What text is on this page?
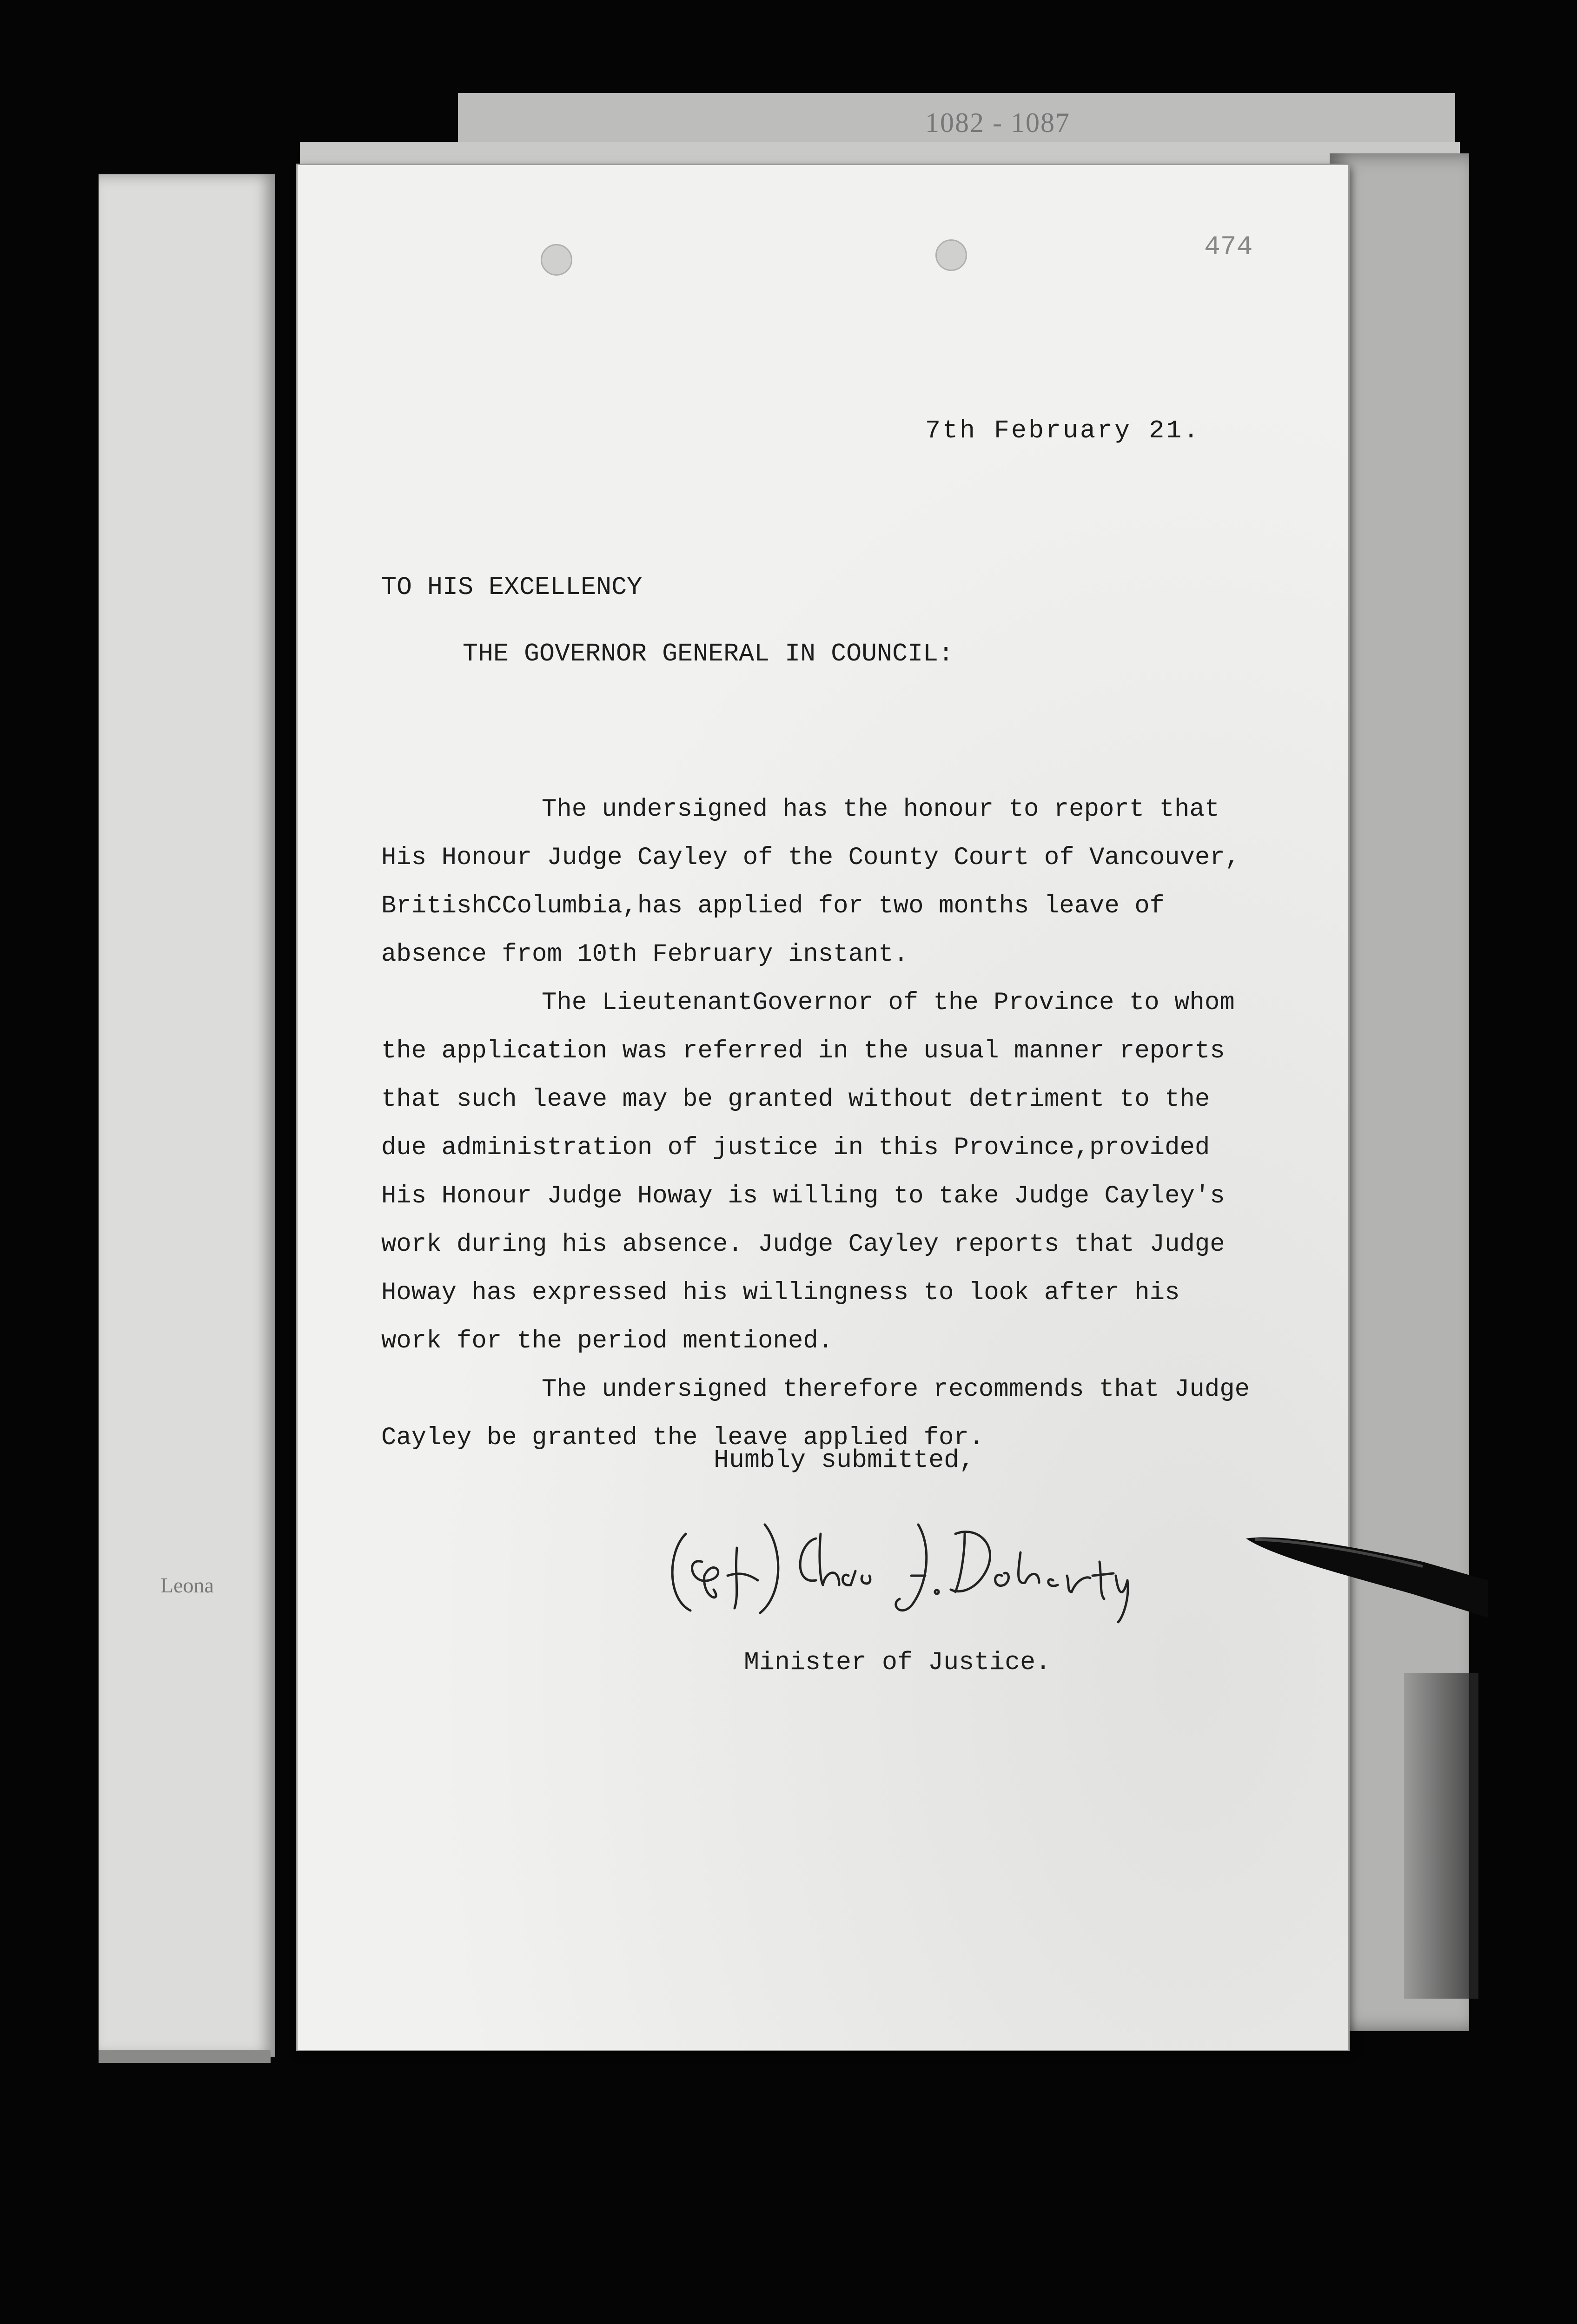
Leona
1082 - 1087
474
7th February 21.
TO HIS EXCELLENCY
THE GOVERNOR GENERAL IN COUNCIL:
The undersigned has the honour to report that
His Honour Judge Cayley of the County Court of Vancouver,
BritishCColumbia,has applied for two months leave of
absence from 10th February instant.
The LieutenantGovernor of the Province to whom
the application was referred in the usual manner reports
that such leave may be granted without detriment to the
due administration of justice in this Province,provided
His Honour Judge Howay is willing to take Judge Cayley's
work during his absence. Judge Cayley reports that Judge
Howay has expressed his willingness to look after his
work for the period mentioned.
The undersigned therefore recommends that Judge
Cayley be granted the leave applied for.
Humbly submitted,
Minister of Justice.
